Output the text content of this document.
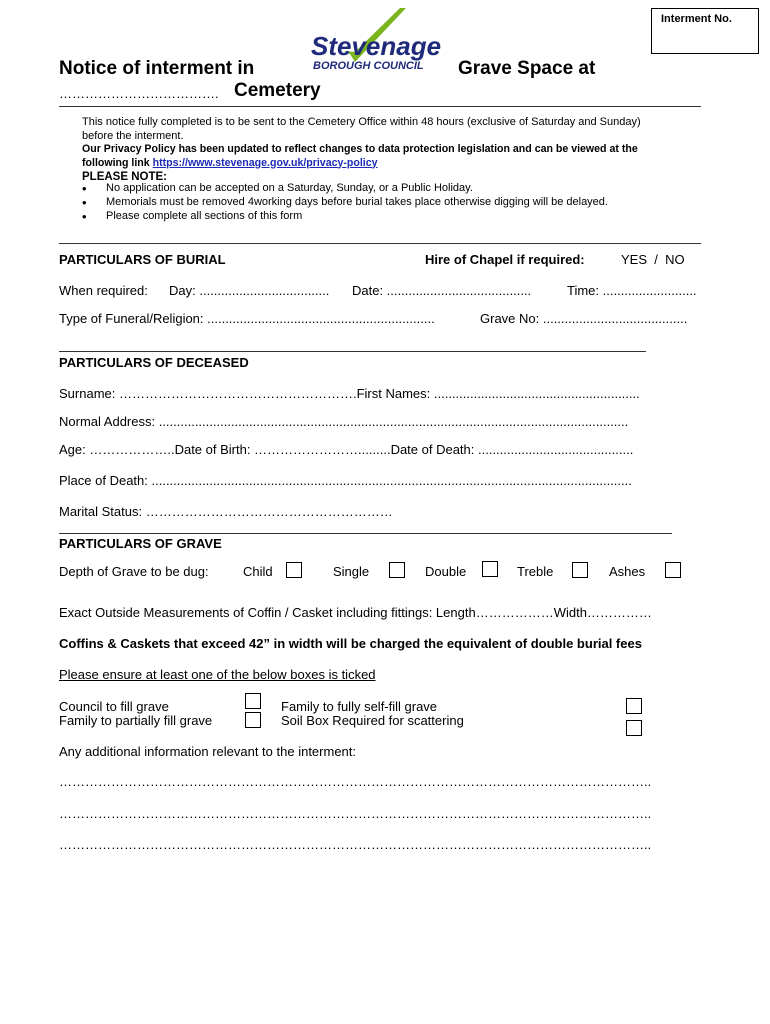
Interment No.
Stevenage
BOROUGH COUNCIL
Notice of interment in	Grave Space at
………………………………. Cemetery
This notice fully completed is to be sent to the Cemetery Office within 48 hours (exclusive of Saturday and Sunday)
before the interment.
Our Privacy Policy has been updated to reflect changes to data protection legislation and can be viewed at the
following link https://www.stevenage.gov.uk/privacy-policy
PLEASE NOTE:
• No application can be accepted on a Saturday, Sunday, or a Public Holiday.
• Memorials must be removed 4working days before burial takes place otherwise digging will be delayed.
• Please complete all sections of this form
PARTICULARS OF BURIAL	Hire of Chapel if required:	YES  /  NO
When required: Day: ....................................	Date: ........................................	Time: ..........................
Type of Funeral/Religion: ...............................................................	Grave No: ........................................
PARTICULARS OF DECEASED
Surname: ……………………………………………….First Names: .........................................................
Normal Address: ..................................................................................................................................
Age: ………………..Date of Birth: …………………….........Date of Death: ...........................................
Place of Death: .....................................................................................................................................
Marital Status: …………………………………………………
PARTICULARS OF GRAVE
Depth of Grave to be dug:	Child	Single	Double	Treble	Ashes
Exact Outside Measurements of Coffin / Casket including fittings: Length………………Width……………
Coffins & Caskets that exceed 42” in width will be charged the equivalent of double burial fees
Please ensure at least one of the below boxes is ticked
Council to fill grave
Family to partially fill grave
Family to fully self-fill grave
Soil Box Required for scattering
Any additional information relevant to the interment:
………………………………………………………………………………………………………………………..
………………………………………………………………………………………………………………………..
………………………………………………………………………………………………………………………..
